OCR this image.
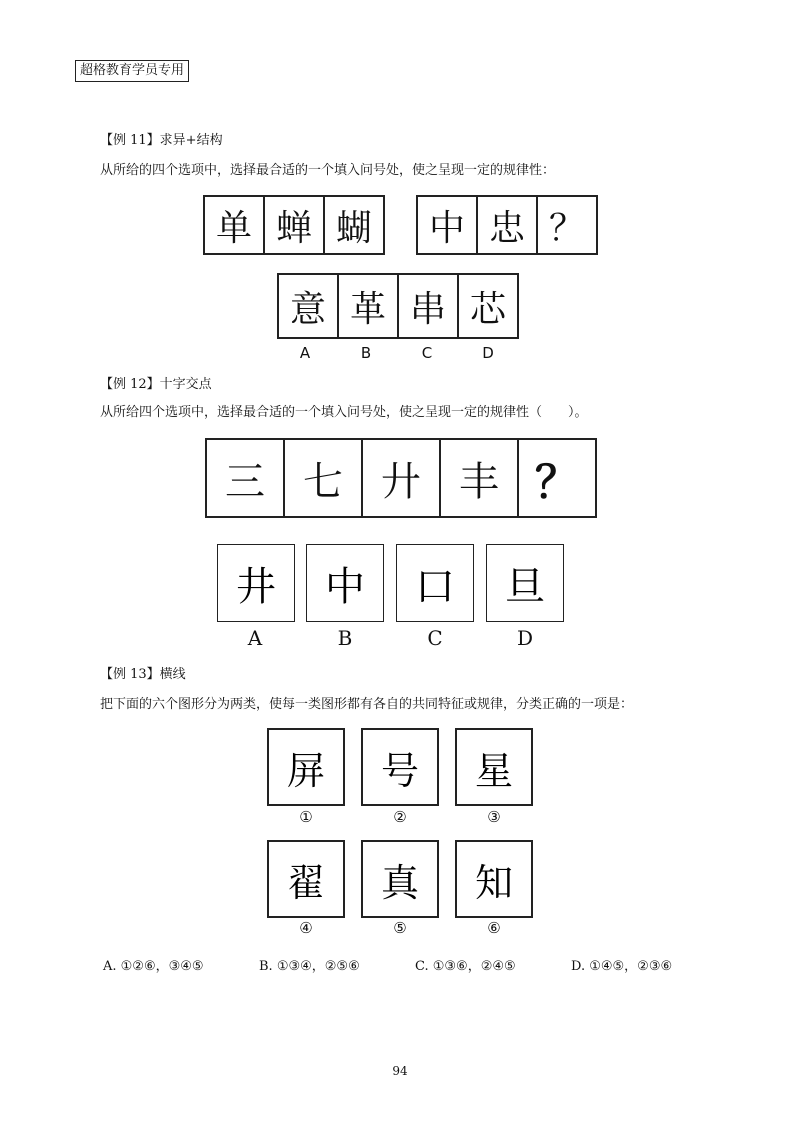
超格教育学员专用
【例 11】求异+结构
从所给的四个选项中，选择最合适的一个填入问号处，使之呈现一定的规律性：
单 蝉 蝴	中 忠 ？
意 革 串 芯
A	B	C	D
【例 12】十字交点
从所给四个选项中，选择最合适的一个填入问号处，使之呈现一定的规律性（　　）。
三 七 廾 丰 ？
井	中	口	旦
A	B	C	D
【例 13】横线
把下面的六个图形分为两类，使每一类图形都有各自的共同特征或规律，分类正确的一项是：
屏	号	星
①	②	③
翟	真	知
④	⑤	⑥
A. ①②⑥，③④⑤	B. ①③④，②⑤⑥	C. ①③⑥，②④⑤	D. ①④⑤，②③⑥
94
